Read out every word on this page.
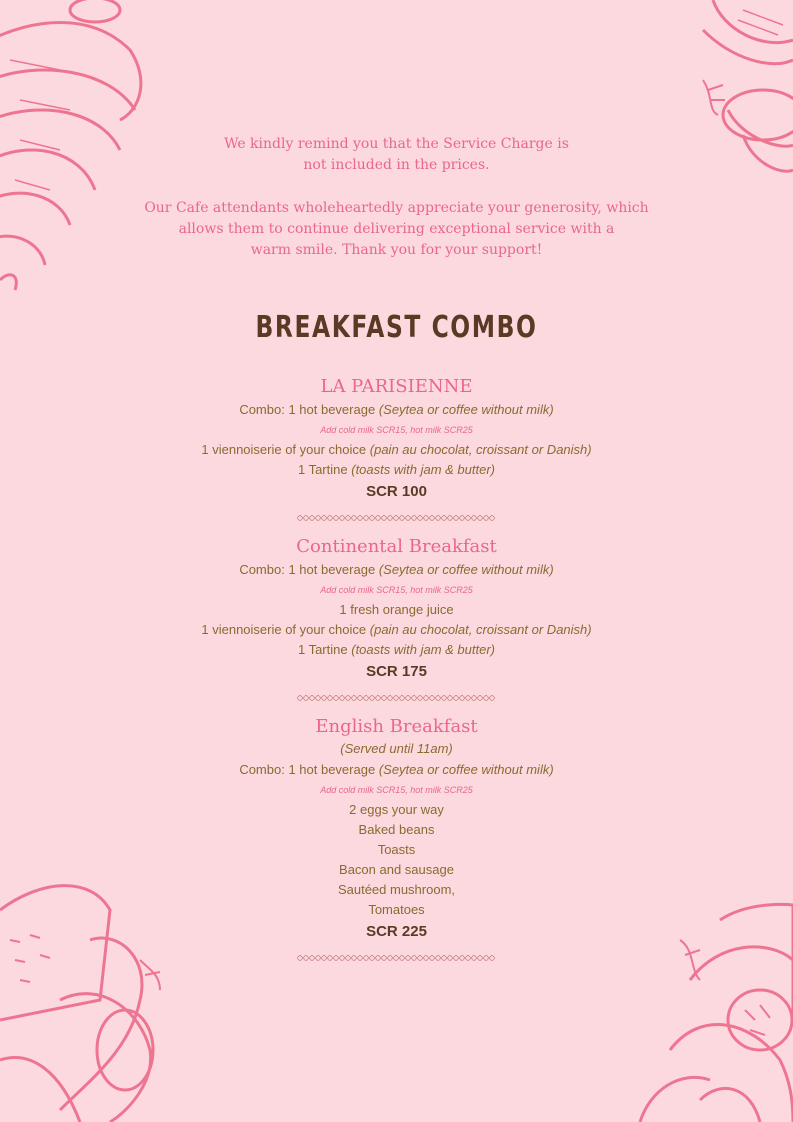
We kindly remind you that the Service Charge is
not included in the prices.
Our Cafe attendants wholeheartedly appreciate your generosity, which
allows them to continue delivering exceptional service with a
warm smile. Thank you for your support!
BREAKFAST COMBO
LA PARISIENNE
Combo: 1 hot beverage (Seytea or coffee without milk)
Add cold milk SCR15, hot milk SCR25
1 viennoiserie of your choice (pain au chocolat, croissant or Danish)
1 Tartine (toasts with jam & butter)
SCR 100
Continental Breakfast
Combo: 1 hot beverage (Seytea or coffee without milk)
Add cold milk SCR15, hot milk SCR25
1 fresh orange juice
1 viennoiserie of your choice (pain au chocolat, croissant or Danish)
1 Tartine (toasts with jam & butter)
SCR 175
English Breakfast
(Served until 11am)
Combo: 1 hot beverage (Seytea or coffee without milk)
Add cold milk SCR15, hot milk SCR25
2 eggs your way
Baked beans
Toasts
Bacon and sausage
Sautéed mushroom,
Tomatoes
SCR 225
